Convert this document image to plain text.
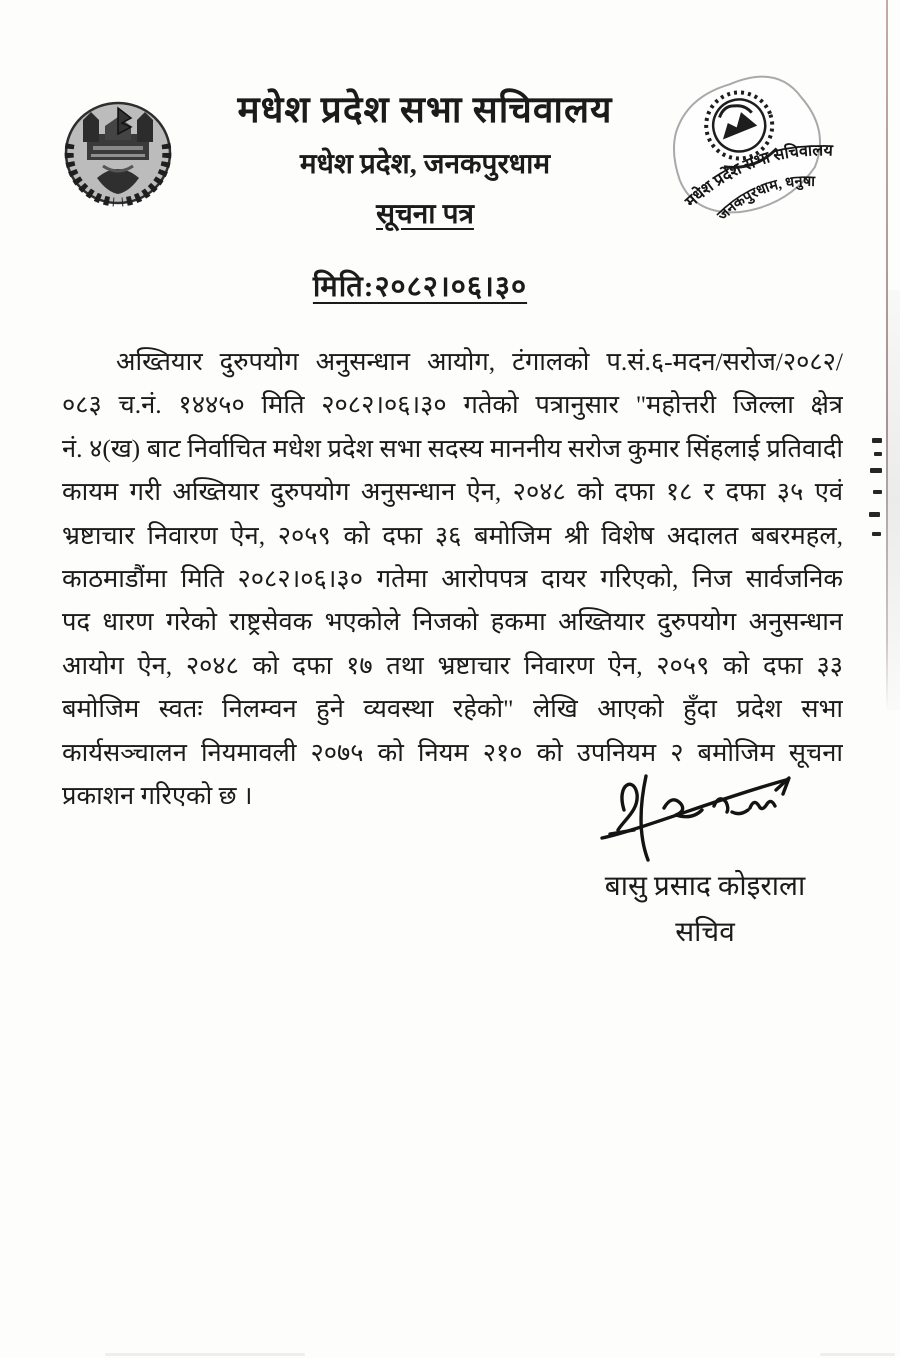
मधेश प्रदेश सभा सचिवालय
मधेश प्रदेश, जनकपुरधाम
सूचना पत्र	मधेश प्रदेश सभा सचिवालय
जनकपुरधाम, धनुषा
मिति:२०८२।०६।३०
अख्तियार दुरुपयोग अनुसन्धान आयोग, टंगालको प.सं.६-मदन/सरोज/२०८२/
०८३ च.नं. १४४५० मिति २०८२।०६।३० गतेको पत्रानुसार "महोत्तरी जिल्ला क्षेत्र
नं. ४(ख) बाट निर्वाचित मधेश प्रदेश सभा सदस्य माननीय सरोज कुमार सिंहलाई प्रतिवादी
कायम गरी अख्तियार दुरुपयोग अनुसन्धान ऐन, २०४८ को दफा १८ र दफा ३५ एवं
भ्रष्टाचार निवारण ऐन, २०५९ को दफा ३६ बमोजिम श्री विशेष अदालत बबरमहल,
काठमाडौंमा मिति २०८२।०६।३० गतेमा आरोपपत्र दायर गरिएको, निज सार्वजनिक
पद धारण गरेको राष्ट्रसेवक भएकोले निजको हकमा अख्तियार दुरुपयोग अनुसन्धान
आयोग ऐन, २०४८ को दफा १७ तथा भ्रष्टाचार निवारण ऐन, २०५९ को दफा ३३
बमोजिम स्वतः निलम्वन हुने व्यवस्था रहेको" लेखि आएको हुँदा प्रदेश सभा
कार्यसञ्चालन नियमावली २०७५ को नियम २१० को उपनियम २ बमोजिम सूचना
प्रकाशन गरिएको छ ।
बासु प्रसाद कोइराला
सचिव
